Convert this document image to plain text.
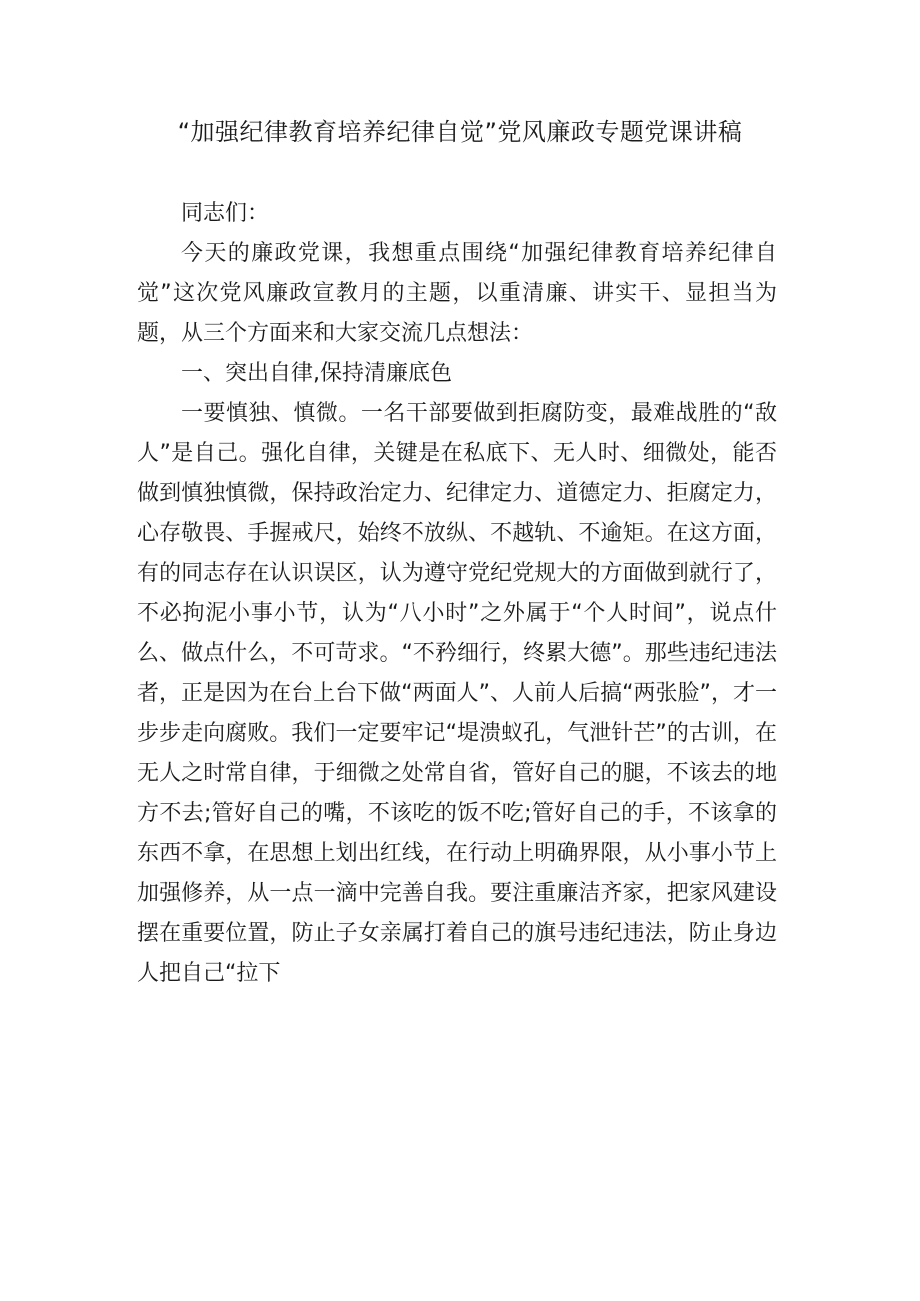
“加强纪律教育培养纪律自觉”党风廉政专题党课讲稿

同志们：

今天的廉政党课，我想重点围绕“加强纪律教育培养纪律自觉”这次党风廉政宣教月的主题，以重清廉、讲实干、显担当为题，从三个方面来和大家交流几点想法：

一、突出自律,保持清廉底色

一要慎独、慎微。一名干部要做到拒腐防变，最难战胜的“敌人”是自己。强化自律，关键是在私底下、无人时、细微处，能否做到慎独慎微，保持政治定力、纪律定力、道德定力、拒腐定力，心存敬畏、手握戒尺，始终不放纵、不越轨、不逾矩。在这方面，有的同志存在认识误区，认为遵守党纪党规大的方面做到就行了，不必拘泥小事小节，认为“八小时”之外属于“个人时间”，说点什么、做点什么，不可苛求。“不矜细行，终累大德”。那些违纪违法者，正是因为在台上台下做“两面人”、人前人后搞“两张脸”，才一步步走向腐败。我们一定要牢记“堤溃蚁孔，气泄针芒”的古训，在无人之时常自律，于细微之处常自省，管好自己的腿，不该去的地方不去;管好自己的嘴，不该吃的饭不吃;管好自己的手，不该拿的东西不拿，在思想上划出红线，在行动上明确界限，从小事小节上加强修养，从一点一滴中完善自我。要注重廉洁齐家，把家风建设摆在重要位置，防止子女亲属打着自己的旗号违纪违法，防止身边人把自己“拉下
